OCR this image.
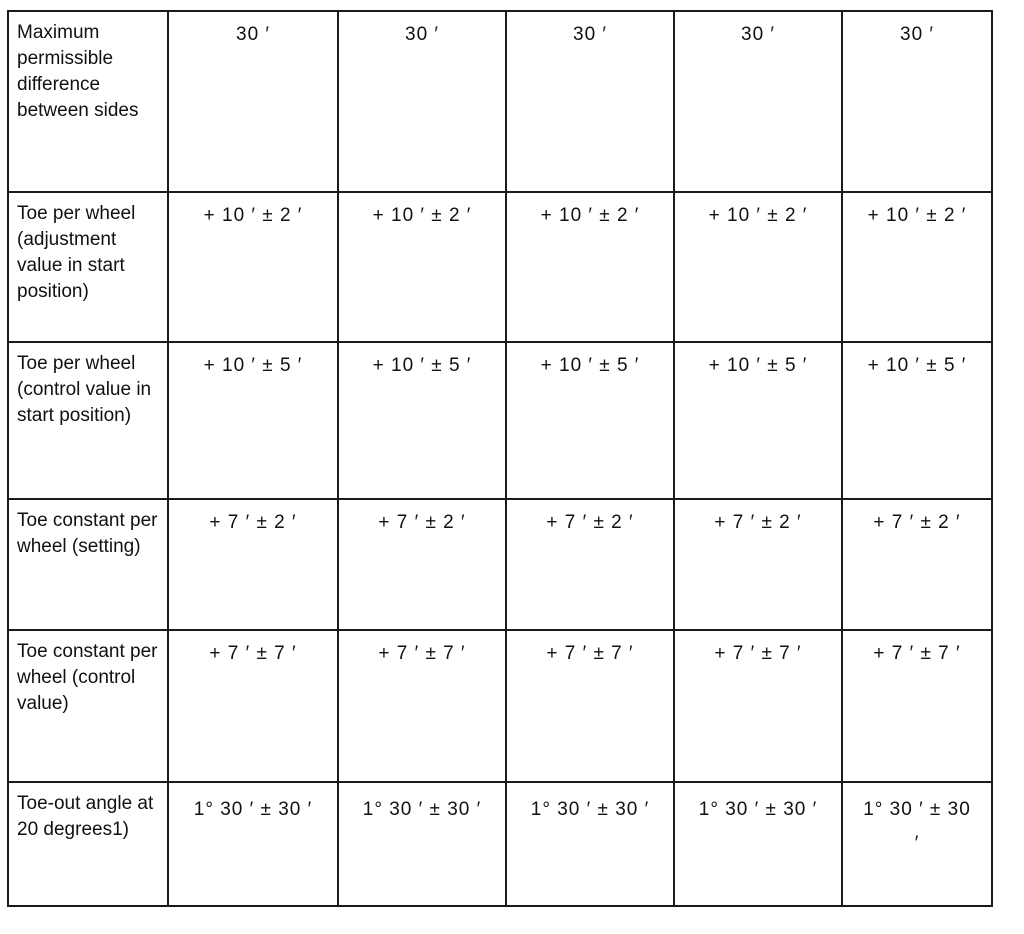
Maximum permissible difference between sides	30 ′	30 ′	30 ′	30 ′	30 ′
Toe per wheel (adjustment value in start position)	+ 10 ′ ± 2 ′	+ 10 ′ ± 2 ′	+ 10 ′ ± 2 ′	+ 10 ′ ± 2 ′	+ 10 ′ ± 2 ′
Toe per wheel (control value in start position)	+ 10 ′ ± 5 ′	+ 10 ′ ± 5 ′	+ 10 ′ ± 5 ′	+ 10 ′ ± 5 ′	+ 10 ′ ± 5 ′
Toe constant per wheel (setting)	+ 7 ′ ± 2 ′	+ 7 ′ ± 2 ′	+ 7 ′ ± 2 ′	+ 7 ′ ± 2 ′	+ 7 ′ ± 2 ′
Toe constant per wheel (control value)	+ 7 ′ ± 7 ′	+ 7 ′ ± 7 ′	+ 7 ′ ± 7 ′	+ 7 ′ ± 7 ′	+ 7 ′ ± 7 ′
Toe-out angle at 20 degrees1)	1° 30 ′ ± 30 ′	1° 30 ′ ± 30 ′	1° 30 ′ ± 30 ′	1° 30 ′ ± 30 ′	1° 30 ′ ± 30 ′
